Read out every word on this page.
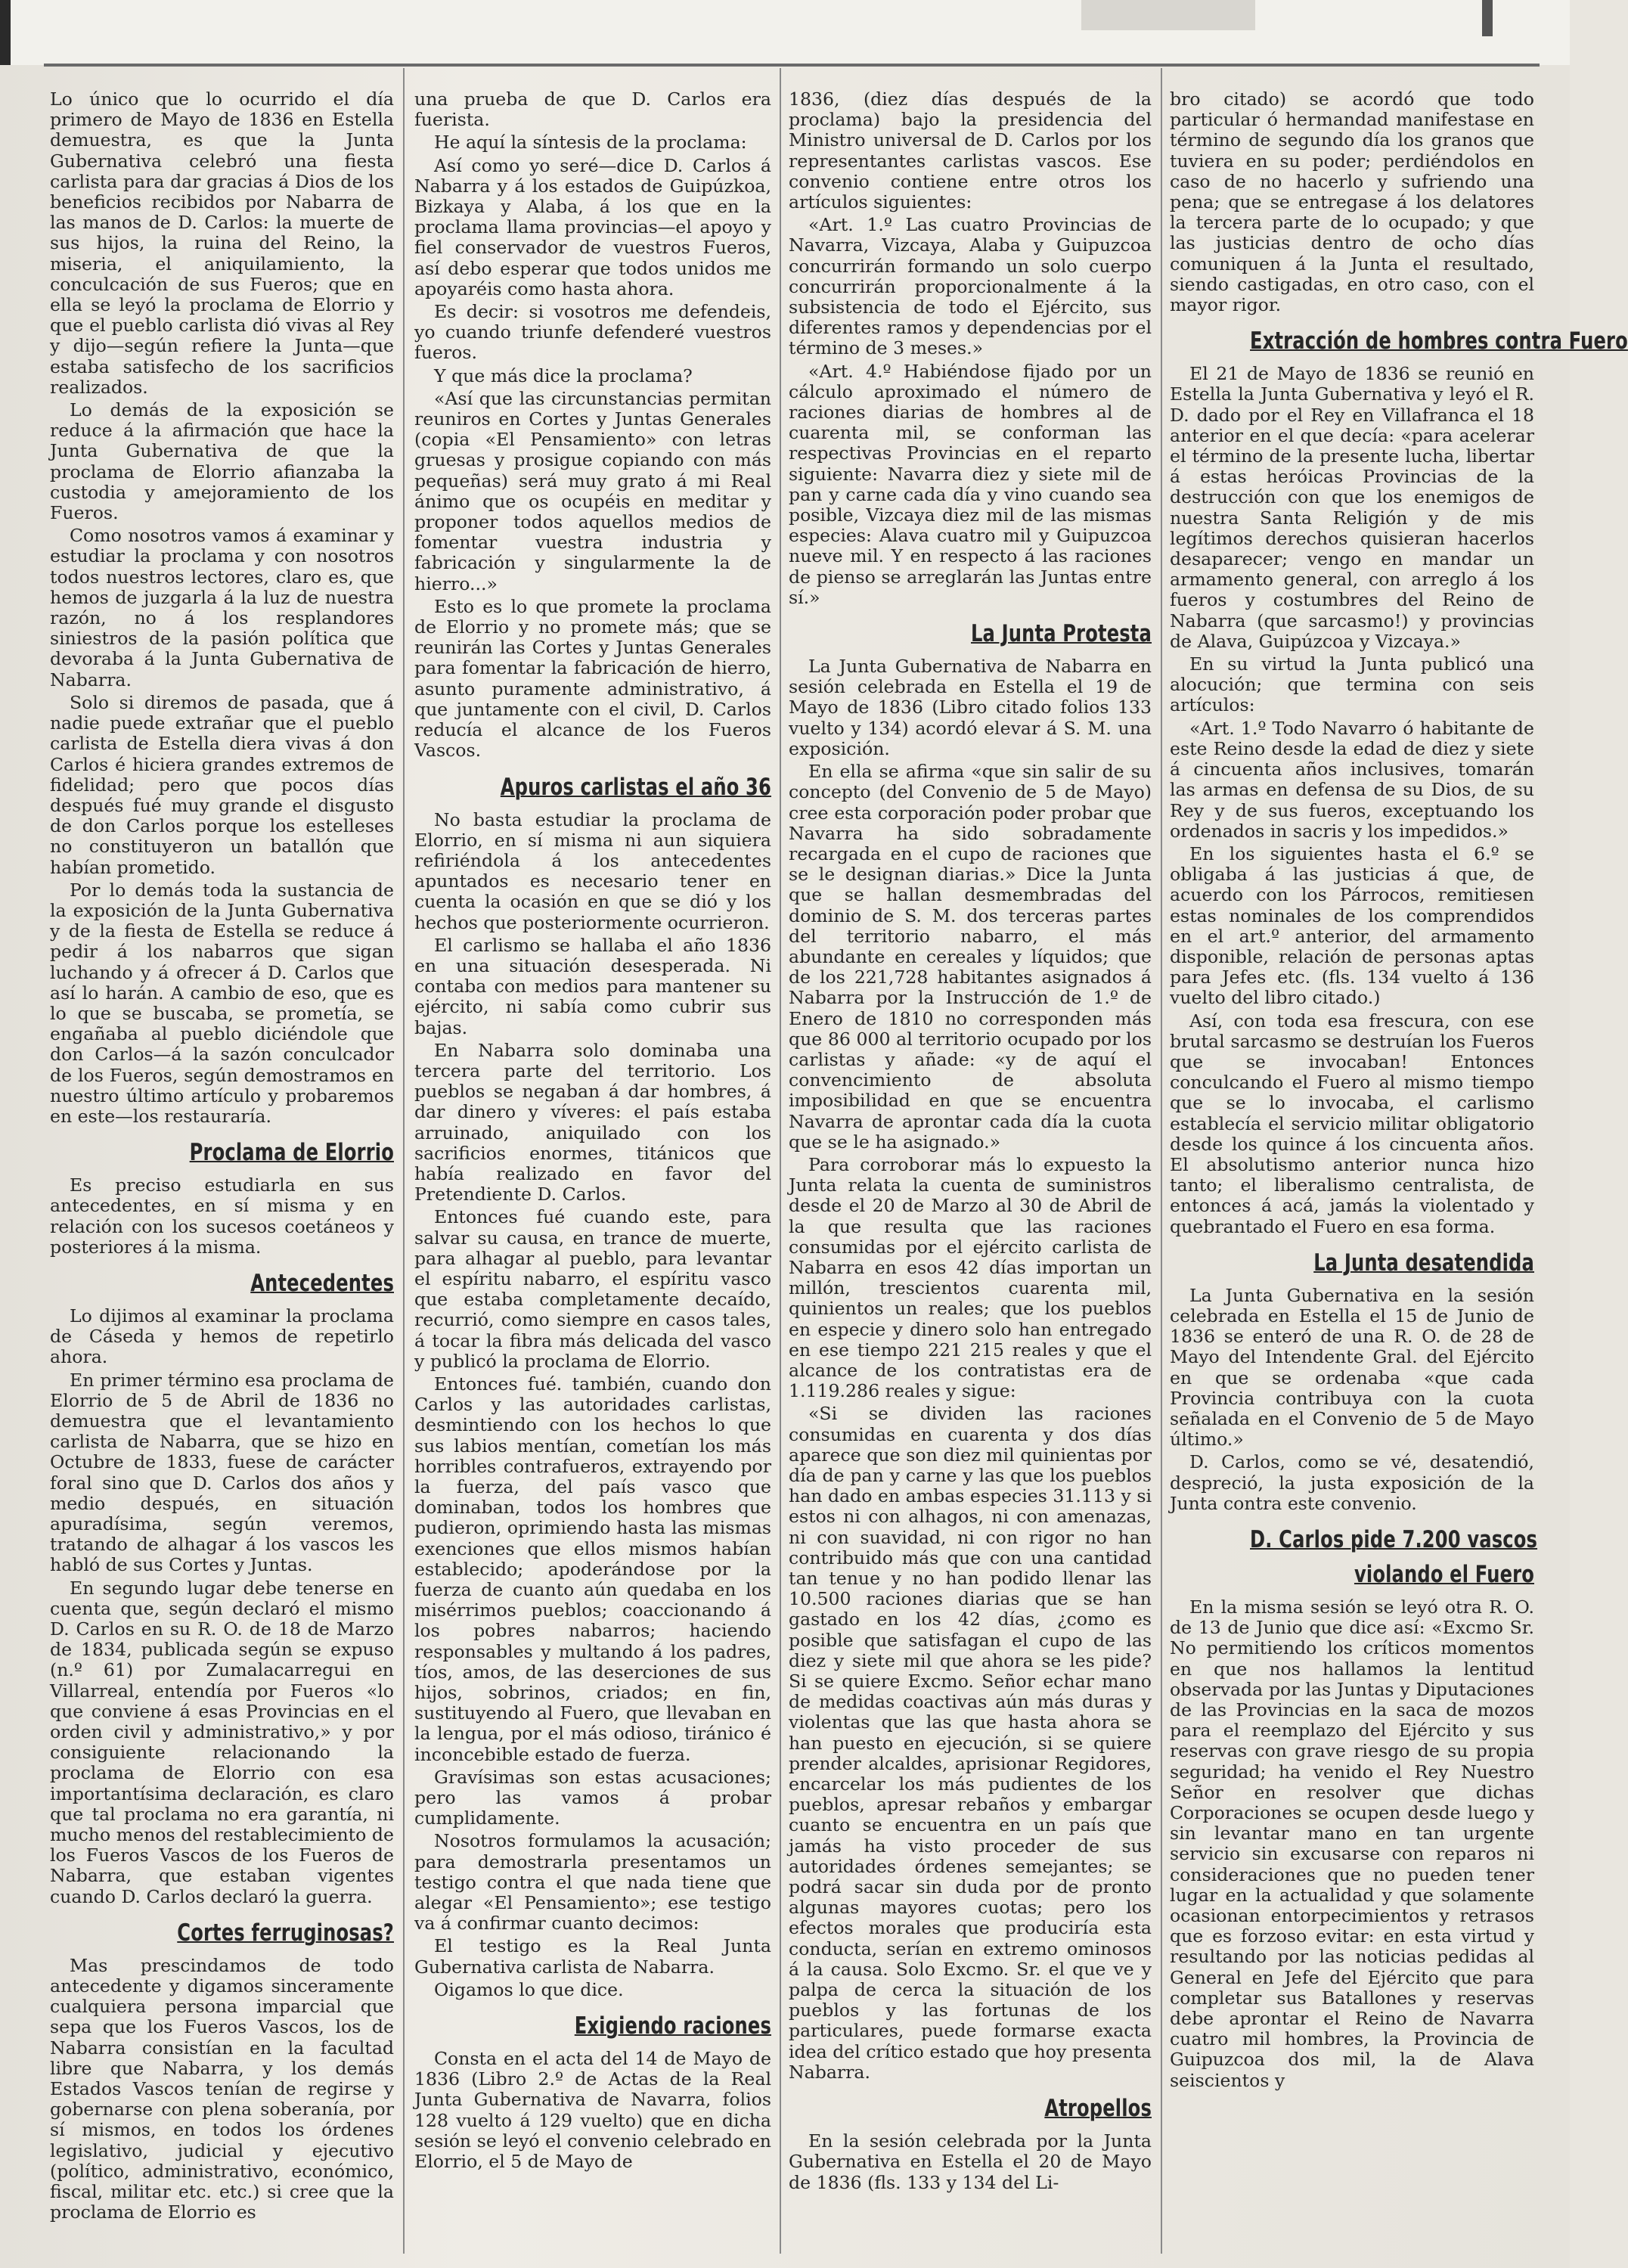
Lo único que lo ocurrido el día primero de Mayo de 1836 en Estella demuestra, es que la Junta Gubernativa celebró una fiesta carlista para dar gracias á Dios de los beneficios recibidos por Nabarra de las manos de D. Carlos: la muerte de sus hijos, la ruina del Reino, la miseria, el aniquilamiento, la conculcación de sus Fueros; que en ella se leyó la proclama de Elorrio y que el pueblo carlista dió vivas al Rey y dijo—según refiere la Junta—que estaba satisfecho de los sacrificios realizados.

Lo demás de la exposición se reduce á la afirmación que hace la Junta Gubernativa de que la proclama de Elorrio afianzaba la custodia y amejoramiento de los Fueros.

Como nosotros vamos á examinar y estudiar la proclama y con nosotros todos nuestros lectores, claro es, que hemos de juzgarla á la luz de nuestra razón, no á los resplandores siniestros de la pasión política que devoraba á la Junta Gubernativa de Nabarra.

Solo si diremos de pasada, que á nadie puede extrañar que el pueblo carlista de Estella diera vivas á don Carlos é hiciera grandes extremos de fidelidad; pero que pocos días después fué muy grande el disgusto de don Carlos porque los estelleses no constituyeron un batallón que habían prometido.

Por lo demás toda la sustancia de la exposición de la Junta Gubernativa y de la fiesta de Estella se reduce á pedir á los nabarros que sigan luchando y á ofrecer á D. Carlos que así lo harán. A cambio de eso, que es lo que se buscaba, se prometía, se engañaba al pueblo diciéndole que don Carlos—á la sazón conculcador de los Fueros, según demostramos en nuestro último artículo y probaremos en este—los restauraría.

Proclama de Elorrio

Es preciso estudiarla en sus antecedentes, en sí misma y en relación con los sucesos coetáneos y posteriores á la misma.

Antecedentes

Lo dijimos al examinar la proclama de Cáseda y hemos de repetirlo ahora.

En primer término esa proclama de Elorrio de 5 de Abril de 1836 no demuestra que el levantamiento carlista de Nabarra, que se hizo en Octubre de 1833, fuese de carácter foral sino que D. Carlos dos años y medio después, en situación apuradísima, según veremos, tratando de alhagar á los vascos les habló de sus Cortes y Juntas.

En segundo lugar debe tenerse en cuenta que, según declaró el mismo D. Carlos en su R. O. de 18 de Marzo de 1834, publicada según se expuso (n.º 61) por Zumalacarregui en Villarreal, entendía por Fueros «lo que conviene á esas Provincias en el orden civil y administrativo,» y por consiguiente relacionando la proclama de Elorrio con esa importantísima declaración, es claro que tal proclama no era garantía, ni mucho menos del restablecimiento de los Fueros Vascos de los Fueros de Nabarra, que estaban vigentes cuando D. Carlos declaró la guerra.

Cortes ferruginosas?

Mas prescindamos de todo antecedente y digamos sinceramente cualquiera persona imparcial que sepa que los Fueros Vascos, los de Nabarra consistían en la facultad libre que Nabarra, y los demás Estados Vascos tenían de regirse y gobernarse con plena soberanía, por sí mismos, en todos los órdenes legislativo, judicial y ejecutivo (político, administrativo, económico, fiscal, militar etc. etc.) si cree que la proclama de Elorrio es

una prueba de que D. Carlos era fuerista.

He aquí la síntesis de la proclama:

Así como yo seré—dice D. Carlos á Nabarra y á los estados de Guipúzkoa, Bizkaya y Alaba, á los que en la proclama llama provincias—el apoyo y fiel conservador de vuestros Fueros, así debo esperar que todos unidos me apoyaréis como hasta ahora.

Es decir: si vosotros me defendeis, yo cuando triunfe defenderé vuestros fueros.

Y que más dice la proclama?

«Así que las circunstancias permitan reuniros en Cortes y Juntas Generales (copia «El Pensamiento» con letras gruesas y prosigue copiando con más pequeñas) será muy grato á mi Real ánimo que os ocupéis en meditar y proponer todos aquellos medios de fomentar vuestra industria y fabricación y singularmente la de hierro...»

Esto es lo que promete la proclama de Elorrio y no promete más; que se reunirán las Cortes y Juntas Generales para fomentar la fabricación de hierro, asunto puramente administrativo, á que juntamente con el civil, D. Carlos reducía el alcance de los Fueros Vascos.

Apuros carlistas el año 36

No basta estudiar la proclama de Elorrio, en sí misma ni aun siquiera refiriéndola á los antecedentes apuntados es necesario tener en cuenta la ocasión en que se dió y los hechos que posteriormente ocurrieron.

El carlismo se hallaba el año 1836 en una situación desesperada. Ni contaba con medios para mantener su ejército, ni sabía como cubrir sus bajas.

En Nabarra solo dominaba una tercera parte del territorio. Los pueblos se negaban á dar hombres, á dar dinero y víveres: el país estaba arruinado, aniquilado con los sacrificios enormes, titánicos que había realizado en favor del Pretendiente D. Carlos.

Entonces fué cuando este, para salvar su causa, en trance de muerte, para alhagar al pueblo, para levantar el espíritu nabarro, el espíritu vasco que estaba completamente decaído, recurrió, como siempre en casos tales, á tocar la fibra más delicada del vasco y publicó la proclama de Elorrio.

Entonces fué. también, cuando don Carlos y las autoridades carlistas, desmintiendo con los hechos lo que sus labios mentían, cometían los más horribles contrafueros, extrayendo por la fuerza, del país vasco que dominaban, todos los hombres que pudieron, oprimiendo hasta las mismas exenciones que ellos mismos habían establecido; apoderándose por la fuerza de cuanto aún quedaba en los misérrimos pueblos; coaccionando á los pobres nabarros; haciendo responsables y multando á los padres, tíos, amos, de las deserciones de sus hijos, sobrinos, criados; en fin, sustituyendo al Fuero, que llevaban en la lengua, por el más odioso, tiránico é inconcebible estado de fuerza.

Gravísimas son estas acusaciones; pero las vamos á probar cumplidamente.

Nosotros formulamos la acusación; para demostrarla presentamos un testigo contra el que nada tiene que alegar «El Pensamiento»; ese testigo va á confirmar cuanto decimos:

El testigo es la Real Junta Gubernativa carlista de Nabarra.

Oigamos lo que dice.

Exigiendo raciones

Consta en el acta del 14 de Mayo de 1836 (Libro 2.º de Actas de la Real Junta Gubernativa de Navarra, folios 128 vuelto á 129 vuelto) que en dicha sesión se leyó el convenio celebrado en Elorrio, el 5 de Mayo de

1836, (diez días después de la proclama) bajo la presidencia del Ministro universal de D. Carlos por los representantes carlistas vascos. Ese convenio contiene entre otros los artículos siguientes:

«Art. 1.º Las cuatro Provincias de Navarra, Vizcaya, Alaba y Guipuzcoa concurrirán formando un solo cuerpo concurrirán proporcionalmente á la subsistencia de todo el Ejército, sus diferentes ramos y dependencias por el término de 3 meses.»

«Art. 4.º Habiéndose fijado por un cálculo aproximado el número de raciones diarias de hombres al de cuarenta mil, se conforman las respectivas Provincias en el reparto siguiente: Navarra diez y siete mil de pan y carne cada día y vino cuando sea posible, Vizcaya diez mil de las mismas especies: Alava cuatro mil y Guipuzcoa nueve mil. Y en respecto á las raciones de pienso se arreglarán las Juntas entre sí.»

La Junta Protesta

La Junta Gubernativa de Nabarra en sesión celebrada en Estella el 19 de Mayo de 1836 (Libro citado folios 133 vuelto y 134) acordó elevar á S. M. una exposición.

En ella se afirma «que sin salir de su concepto (del Convenio de 5 de Mayo) cree esta corporación poder probar que Navarra ha sido sobradamente recargada en el cupo de raciones que se le designan diarias.» Dice la Junta que se hallan desmembradas del dominio de S. M. dos terceras partes del territorio nabarro, el más abundante en cereales y líquidos; que de los 221,728 habitantes asignados á Nabarra por la Instrucción de 1.º de Enero de 1810 no corresponden más que 86 000 al territorio ocupado por los carlistas y añade: «y de aquí el convencimiento de absoluta imposibilidad en que se encuentra Navarra de aprontar cada día la cuota que se le ha asignado.»

Para corroborar más lo expuesto la Junta relata la cuenta de suministros desde el 20 de Marzo al 30 de Abril de la que resulta que las raciones consumidas por el ejército carlista de Nabarra en esos 42 días importan un millón, trescientos cuarenta mil, quinientos un reales; que los pueblos en especie y dinero solo han entregado en ese tiempo 221 215 reales y que el alcance de los contratistas era de 1.119.286 reales y sigue:

«Si se dividen las raciones consumidas en cuarenta y dos días aparece que son diez mil quinientas por día de pan y carne y las que los pueblos han dado en ambas especies 31.113 y si estos ni con alhagos, ni con amenazas, ni con suavidad, ni con rigor no han contribuido más que con una cantidad tan tenue y no han podido llenar las 10.500 raciones diarias que se han gastado en los 42 días, ¿como es posible que satisfagan el cupo de las diez y siete mil que ahora se les pide? Si se quiere Excmo. Señor echar mano de medidas coactivas aún más duras y violentas que las que hasta ahora se han puesto en ejecución, si se quiere prender alcaldes, aprisionar Regidores, encarcelar los más pudientes de los pueblos, apresar rebaños y embargar cuanto se encuentra en un país que jamás ha visto proceder de sus autoridades órdenes semejantes; se podrá sacar sin duda por de pronto algunas mayores cuotas; pero los efectos morales que produciría esta conducta, serían en extremo ominosos á la causa. Solo Excmo. Sr. el que ve y palpa de cerca la situación de los pueblos y las fortunas de los particulares, puede formarse exacta idea del crítico estado que hoy presenta Nabarra.

Atropellos

En la sesión celebrada por la Junta Gubernativa en Estella el 20 de Mayo de 1836 (fls. 133 y 134 del Li-

bro citado) se acordó que todo particular ó hermandad manifestase en término de segundo día los granos que tuviera en su poder; perdiéndolos en caso de no hacerlo y sufriendo una pena; que se entregase á los delatores la tercera parte de lo ocupado; y que las justicias dentro de ocho días comuniquen á la Junta el resultado, siendo castigadas, en otro caso, con el mayor rigor.

Extracción de hombres contra Fuero

El 21 de Mayo de 1836 se reunió en Estella la Junta Gubernativa y leyó el R. D. dado por el Rey en Villafranca el 18 anterior en el que decía: «para acelerar el término de la presente lucha, libertar á estas heróicas Provincias de la destrucción con que los enemigos de nuestra Santa Religión y de mis legítimos derechos quisieran hacerlos desaparecer; vengo en mandar un armamento general, con arreglo á los fueros y costumbres del Reino de Nabarra (que sarcasmo!) y provincias de Alava, Guipúzcoa y Vizcaya.»

En su virtud la Junta publicó una alocución; que termina con seis artículos:

«Art. 1.º Todo Navarro ó habitante de este Reino desde la edad de diez y siete á cincuenta años inclusives, tomarán las armas en defensa de su Dios, de su Rey y de sus fueros, exceptuando los ordenados in sacris y los impedidos.»

En los siguientes hasta el 6.º se obligaba á las justicias á que, de acuerdo con los Párrocos, remitiesen estas nominales de los comprendidos en el art.º anterior, del armamento disponible, relación de personas aptas para Jefes etc. (fls. 134 vuelto á 136 vuelto del libro citado.)

Así, con toda esa frescura, con ese brutal sarcasmo se destruían los Fueros que se invocaban! Entonces conculcando el Fuero al mismo tiempo que se lo invocaba, el carlismo establecía el servicio militar obligatorio desde los quince á los cincuenta años. El absolutismo anterior nunca hizo tanto; el liberalismo centralista, de entonces á acá, jamás la violentado y quebrantado el Fuero en esa forma.

La Junta desatendida

La Junta Gubernativa en la sesión celebrada en Estella el 15 de Junio de 1836 se enteró de una R. O. de 28 de Mayo del Intendente Gral. del Ejército en que se ordenaba «que cada Provincia contribuya con la cuota señalada en el Convenio de 5 de Mayo último.»

D. Carlos, como se vé, desatendió, despreció, la justa exposición de la Junta contra este convenio.

D. Carlos pide 7.200 vascos
violando el Fuero

En la misma sesión se leyó otra R. O. de 13 de Junio que dice así: «Excmo Sr. No permitiendo los críticos momentos en que nos hallamos la lentitud observada por las Juntas y Diputaciones de las Provincias en la saca de mozos para el reemplazo del Ejército y sus reservas con grave riesgo de su propia seguridad; ha venido el Rey Nuestro Señor en resolver que dichas Corporaciones se ocupen desde luego y sin levantar mano en tan urgente servicio sin excusarse con reparos ni consideraciones que no pueden tener lugar en la actualidad y que solamente ocasionan entorpecimientos y retrasos que es forzoso evitar: en esta virtud y resultando por las noticias pedidas al General en Jefe del Ejército que para completar sus Batallones y reservas debe aprontar el Reino de Navarra cuatro mil hombres, la Provincia de Guipuzcoa dos mil, la de Alava seiscientos y
